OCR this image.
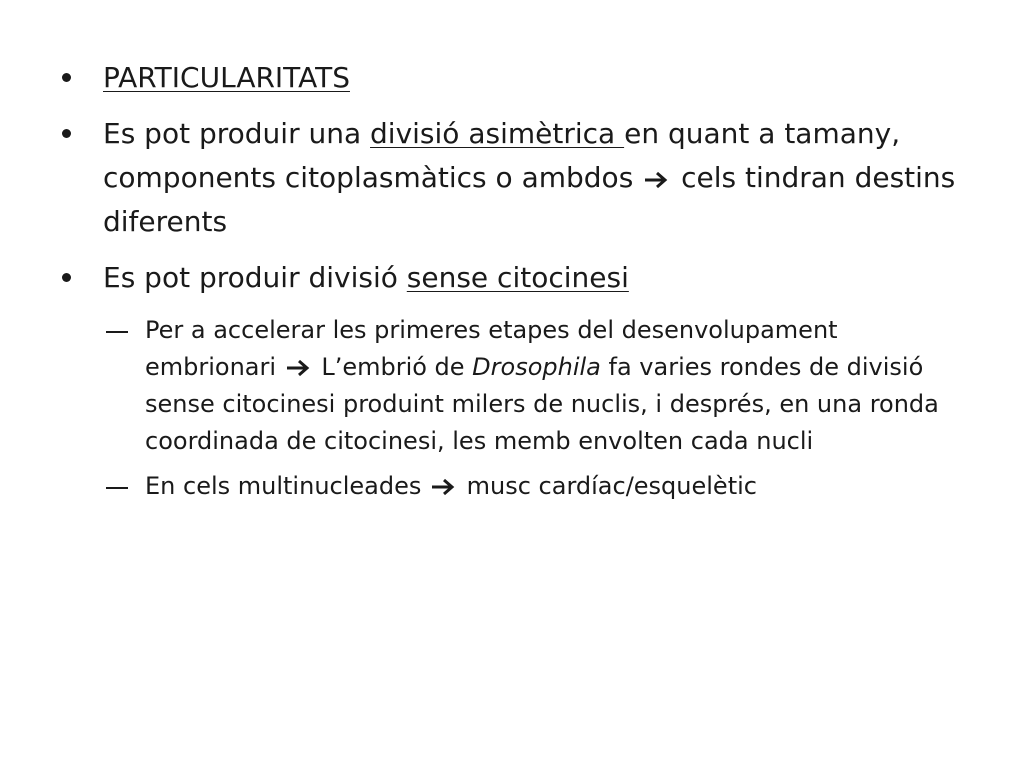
PARTICULARITATS
Es pot produir una divisió asimètrica en quant a tamany, components citoplasmàtics o ambdos
cels tindran destins diferents
Es pot produir divisió sense citocinesi
Per a accelerar les primeres etapes del desenvolupament embrionari
L’embrió de Drosophila fa varies rondes de divisió sense citocinesi produint milers de nuclis, i després, en una ronda coordinada de citocinesi, les memb envolten cada nucli
En cels multinucleades
musc cardíac/esquelètic
